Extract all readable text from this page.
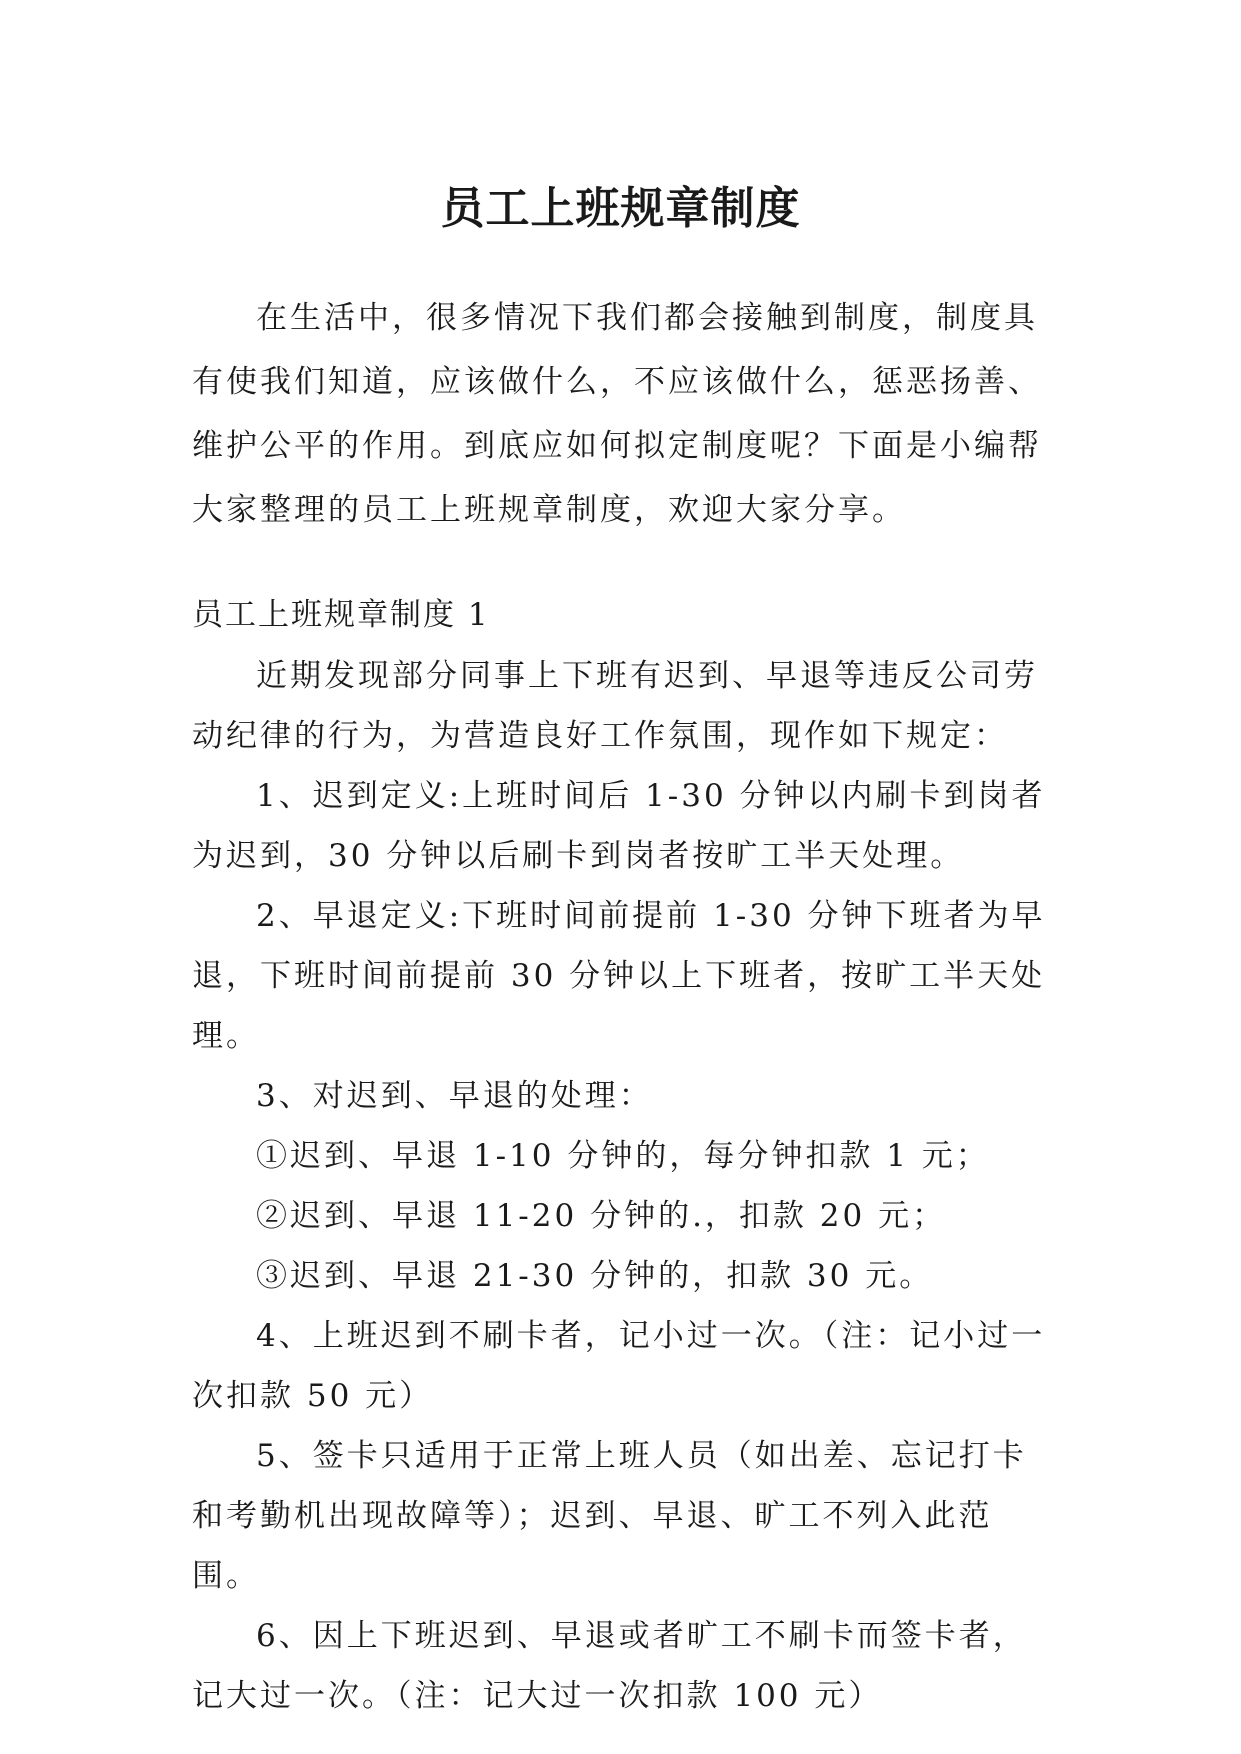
员工上班规章制度

在生活中，很多情况下我们都会接触到制度，制度具有使我们知道，应该做什么，不应该做什么，惩恶扬善、维护公平的作用。到底应如何拟定制度呢？下面是小编帮大家整理的员工上班规章制度，欢迎大家分享。

员工上班规章制度 1

近期发现部分同事上下班有迟到、早退等违反公司劳动纪律的行为，为营造良好工作氛围，现作如下规定：

1、迟到定义:上班时间后 1-30 分钟以内刷卡到岗者为迟到，30 分钟以后刷卡到岗者按旷工半天处理。

2、早退定义:下班时间前提前 1-30 分钟下班者为早退，下班时间前提前 30 分钟以上下班者，按旷工半天处理。

3、对迟到、早退的处理：

①迟到、早退 1-10 分钟的，每分钟扣款 1 元；

②迟到、早退 11-20 分钟的.，扣款 20 元；

③迟到、早退 21-30 分钟的，扣款 30 元。

4、上班迟到不刷卡者，记小过一次。（注：记小过一次扣款 50 元）

5、签卡只适用于正常上班人员（如出差、忘记打卡和考勤机出现故障等）；迟到、早退、旷工不列入此范围。

6、因上下班迟到、早退或者旷工不刷卡而签卡者，记大过一次。（注：记大过一次扣款 100 元）
